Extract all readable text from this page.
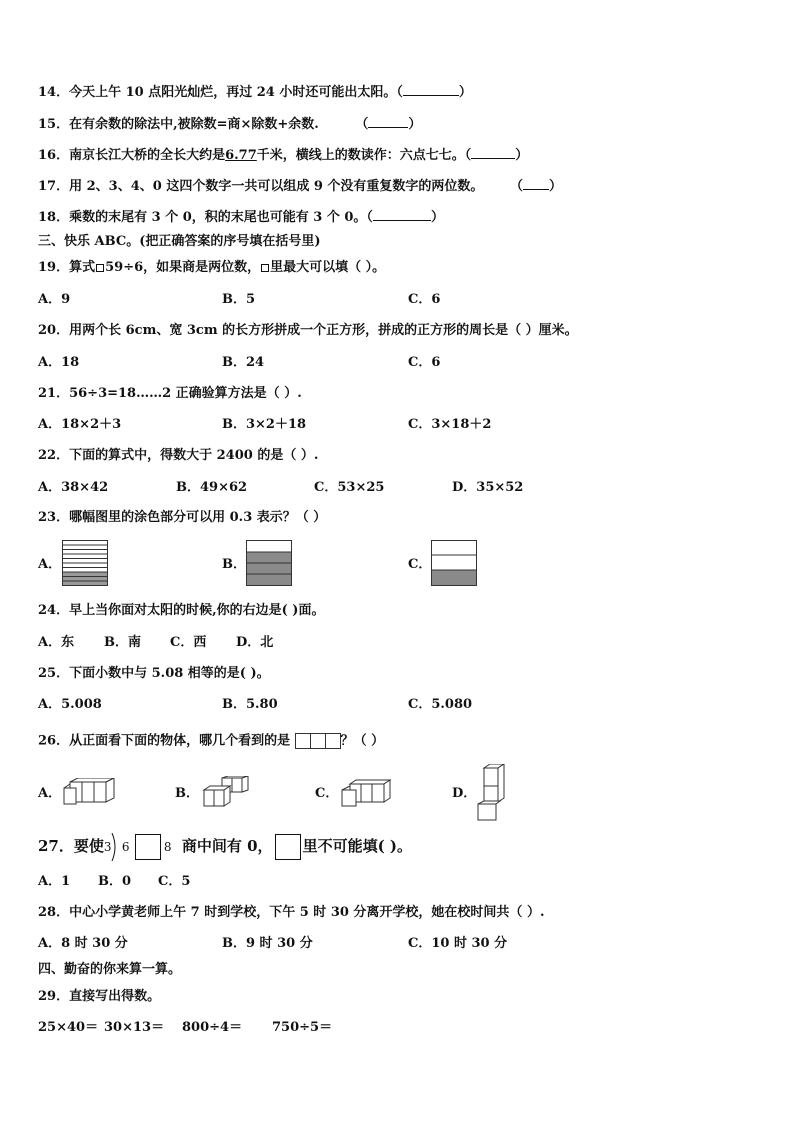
14．今天上午 10 点阳光灿烂，再过 24 小时还可能出太阳。（	）
15．在有余数的除法中,被除数=商×除数+余数.	（	）
16．南京长江大桥的全长大约是6.77千米，横线上的数读作：六点七七。（	）
17．用 2、3、4、0 这四个数字一共可以组成 9 个没有重复数字的两位数。 （ ）
18．乘数的末尾有 3 个 0，积的末尾也可能有 3 个 0。（	）
三、快乐 ABC。(把正确答案的序号填在括号里)
19．算式 59÷6，如果商是两位数， 里最大可以填（ ）。
A．9	B．5	C．6
20．用两个长 6cm、宽 3cm 的长方形拼成一个正方形，拼成的正方形的周长是（ ）厘米。
A．18	B．24	C．6
21．56÷3=18……2 正确验算方法是（ ）.
A．18×2＋3	B．3×2＋18	C．3×18＋2
22．下面的算式中，得数大于 2400 的是（ ）.
A．38×42	B．49×62	C．53×25	D．35×52
23．哪幅图里的涂色部分可以用 0.3 表示？（ ）
A．	B．	C．
24．早上当你面对太阳的时候,你的右边是( )面。
A．东 B．南 C．西 D．北
25．下面小数中与 5.08 相等的是( )。
A．5.008	B．5.80	C．5.080
26．从正面看下面的物体，哪几个看到的是	？（ ）
A．	B．	C．	D．
27．要使 3 6	8 商中间有 0， 里不可能填( )。
A．1 B．0 C．5
28．中心小学黄老师上午 7 时到学校，下午 5 时 30 分离开学校，她在校时间共（ ）.
A．8 时 30 分	B．9 时 30 分	C．10 时 30 分
四、勤奋的你来算一算。
29．直接写出得数。
25×40＝ 30×13＝ 800÷4＝ 750÷5＝
